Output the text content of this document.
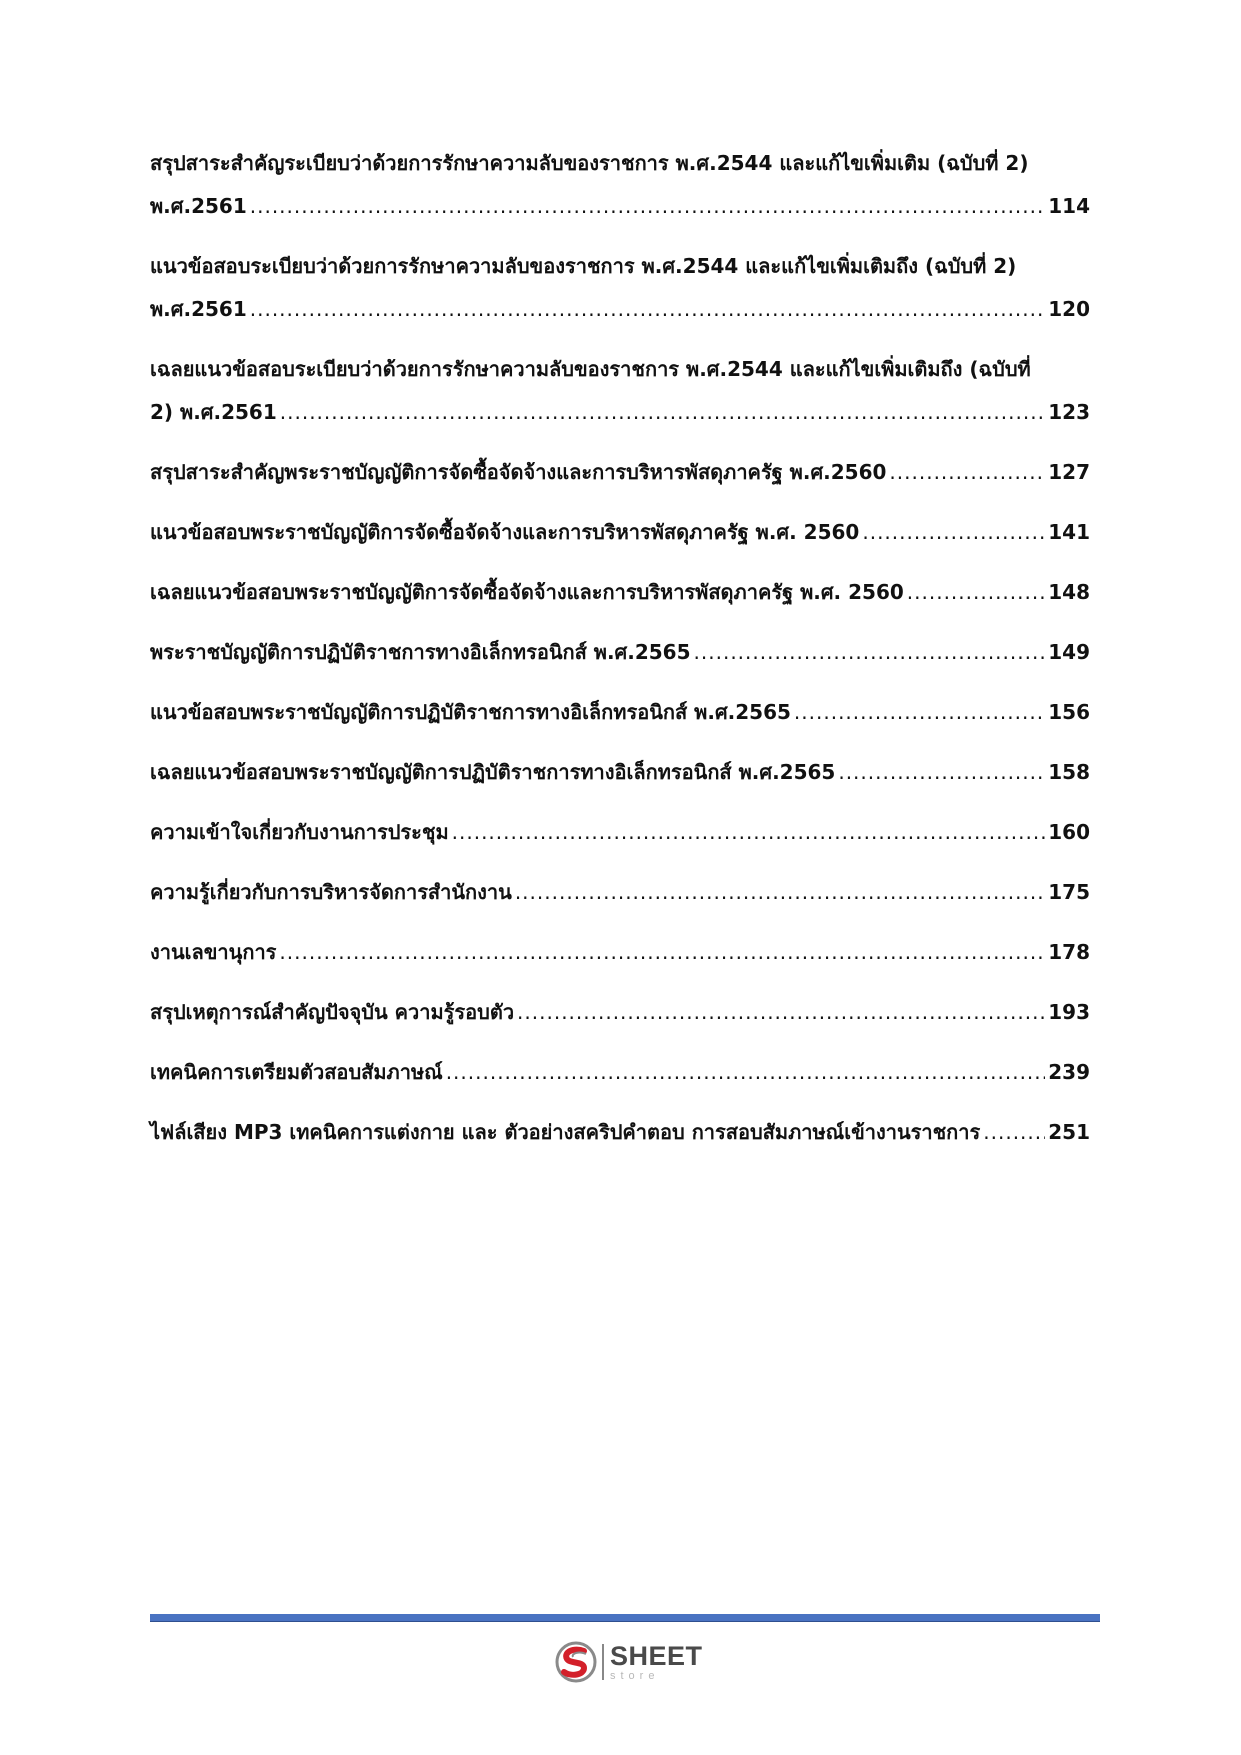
สรุปสาระสำคัญระเบียบว่าด้วยการรักษาความลับของราชการ พ.ศ.2544 และแก้ไขเพิ่มเติม (ฉบับที่ 2)
พ.ศ.2561 .....	114
แนวข้อสอบระเบียบว่าด้วยการรักษาความลับของราชการ พ.ศ.2544 และแก้ไขเพิ่มเติมถึง (ฉบับที่ 2)
พ.ศ.2561 .....	120
เฉลยแนวข้อสอบระเบียบว่าด้วยการรักษาความลับของราชการ พ.ศ.2544 และแก้ไขเพิ่มเติมถึง (ฉบับที่
2) พ.ศ.2561 .....	123
สรุปสาระสำคัญพระราชบัญญัติการจัดซื้อจัดจ้างและการบริหารพัสดุภาครัฐ พ.ศ.2560 .....	127
แนวข้อสอบพระราชบัญญัติการจัดซื้อจัดจ้างและการบริหารพัสดุภาครัฐ พ.ศ. 2560 .....	141
เฉลยแนวข้อสอบพระราชบัญญัติการจัดซื้อจัดจ้างและการบริหารพัสดุภาครัฐ พ.ศ. 2560 .....	148
พระราชบัญญัติการปฏิบัติราชการทางอิเล็กทรอนิกส์ พ.ศ.2565 .....	149
แนวข้อสอบพระราชบัญญัติการปฏิบัติราชการทางอิเล็กทรอนิกส์ พ.ศ.2565 .....	156
เฉลยแนวข้อสอบพระราชบัญญัติการปฏิบัติราชการทางอิเล็กทรอนิกส์ พ.ศ.2565 .....	158
ความเข้าใจเกี่ยวกับงานการประชุม .....	160
ความรู้เกี่ยวกับการบริหารจัดการสำนักงาน .....	175
งานเลขานุการ .....	178
สรุปเหตุการณ์สำคัญปัจจุบัน ความรู้รอบตัว .....	193
เทคนิคการเตรียมตัวสอบสัมภาษณ์ .....	239
ไฟล์เสียง MP3 เทคนิคการแต่งกาย และ ตัวอย่างสคริปคำตอบ การสอบสัมภาษณ์เข้างานราชการ .....	251
SHEET
store
